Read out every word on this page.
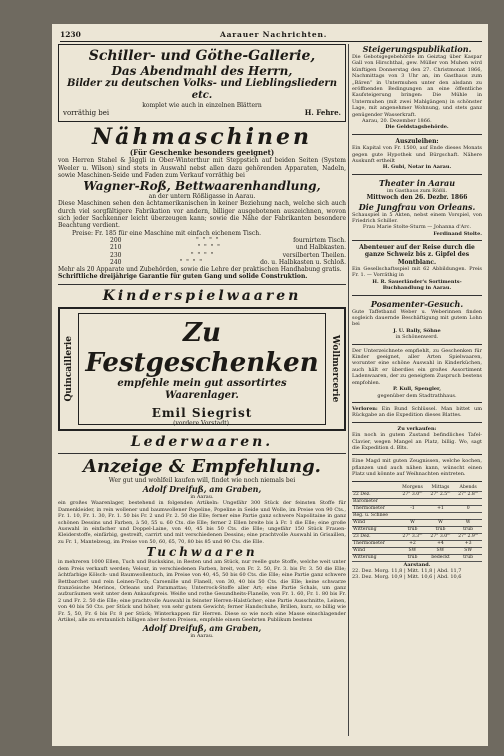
1230	Aarauer Nachrichten.
Schiller- und Göthe-Gallerie,
Das Abendmahl des Herrn,
Bilder zu deutschen Volks- und Lieblingsliedern etc.
komplet wie auch in einzelnen Blättern
vorräthig bei	H. Fehre.
Nähmaschinen
(Für Geschenke besonders geeignet)
von Herren Stahel & Jäggli in Ober-Winterthur mit Steppstich auf beiden Seiten (System Weeler u. Wilson) sind stets in Auswahl nebst allen dazu gehörenden Apparaten, Nadeln, sowie Maschinen-Seide und Faden zum Verkauf vorräthig bei
Wagner-Roß, Bettwaarenhandlung,
an der untern Rößligasse in Aarau.
Diese Maschinen sehen den ächtamerikanischen in keiner Beziehung nach, welche sich auch durch viel sorgfältigere Fabrikation vor andern, billiger ausgebotenen auszeichnen, wovon sich jeder Sachkenner leicht überzeugen kann; sowie die Nähe der Fabrikanten besondere Beachtung verdient.
Preise: Fr. 185 für eine Maschine mit einfach eichenem Tisch.
200	"  "  "  "	fournirtem Tisch.
210	"  "  "  "	und Halbkasten.
230	"  "  "  "	versilberten Theilen.
240	"  "  "  "	do. u. Halbkasten u. Schloß.
Mehr als 20 Apparate und Zubehörden, sowie die Lehre der praktischen Handhabung gratis.
Schriftliche dreijährige Garantie für guten Gang und solide Construktion.
Kinderspielwaaren
Quincaillerie
Zu Festgeschenken
empfehle mein gut assortirtes Waarenlager.
Emil Siegrist
(vordere Vorstadt).
Wollmercerie
Lederwaaren.
Anzeige & Empfehlung.
Wer gut und wohlfeil kaufen will, findet wie noch niemals bei
Adolf Dreifuß, am Graben,
in Aarau.
ein großes Waarenlager, bestehend in folgenden Artikeln: Ungefähr 300 Stück der feinsten Stoffe für Damenkleider, in rein wollener und baumwollener Popeline, Popeline in Seide und Wolle, im Preise von 90 Cts., Fr. 1. 10, Fr. 1. 30, Fr. 1. 50 bis Fr. 2 und Fr. 2. 50 die Elle; ferner eine Partie ganz schwere Napolitaine in ganz schönen Dessins und Farben, à 50, 55 u. 60 Cts. die Elle; ferner 2 Ellen breite bis à Fr. 1 die Elle; eine große Auswahl in einfacher und Doppel-Laine, von 40, 45 bis 50 Cts. die Elle; ungefähr 150 Stück Frauen-Kleiderstoffe, einfärbig, gestreift, carrirt und mit verschiedenen Dessins; eine prachtvolle Auswahl in Grisaillen, zu Fr. 1, Mantelzeug, im Preise von 50, 60, 65, 70, 80 bis 85 und 90 Cts. die Elle.
Tuchwaaren
in mehreren 1000 Ellen, Tuch und Buckskins, in Resten und am Stück, nur reelle gute Stoffe, welche weit unter dem Preis verkauft werden; Velour, in verschiedenen Farben, breit, von Fr. 2. 50, Fr. 3. bis Fr. 3. 50 die Elle; ächtfarbige Kölsch- und Baumwollentuch, im Preise von 40, 45, 50 bis 60 Cts. die Elle; eine Partie ganz schwere Bettbarchet und rein Leinen-Tuch; Carsenille und Flanell, von 30, 40 bis 50 Cts. die Elle; keine schwarze französische Merinos, Orleans und Paramattas; Unterrock-Stoffe aller Art; eine Partie Schals, um ganz aufzuräumen weit unter dem Ankaufspreis. Weiße und rothe Gesundheits-Flanelle, von Fr. 1. 60, Fr. 1. 80 bis Fr. 2 und Fr. 2. 50 die Elle; eine prachtvolle Auswahl in feinster Herren-Halstücher; eine Partie Ausschnitte, Leinen, von 40 bis 50 Cts. per Stück und höher, von sehr gutem Gewicht; ferner Handschuhe, Brillen, kurz, so billig wie Fr. 5, 50, Fr. 6 bis Fr. 8 per Stück; Winterkappen für Herren. Diese so wie noch eine Masse einschlagender Artikel, alle zu erstaunlich billigen aber festen Preisen, empfehle einem Geehrten Publikum bestens
Adolf Dreifuß, am Graben,
in Aarau.
Steigerungspublikation.
Die Gebotsgegebehörde im Geiztag über Kaspar Gall von Hirschthal, gew. Müller von Muhen wird künftigen Donnerstag den 27. Christmonat 1866, Nachmittags von 3 Uhr an, im Gasthaus zum „Bären“ in Untermuhen unter den alsdann zu eröffnenden Bedingungen an eine öffentliche Kaufsteigerung bringen: Die Mühle in Untermuhen (mit zwei Mahlgängen) in schönster Lage, mit angenehmer Wohnung, und stets ganz genügender Wasserkraft.
Aarau, 20. Dezember 1866.
Die Geldstagsbehörde.
Auszuleihen:
Ein Kapital von Fr. 1500, auf Ende dieses Monats gegen gute Hypothek und Bürgschaft. Nähere Auskunft ertheilt
H. Gubi, Notar in Aarau.
Theater in Aarau
im Gasthaus zum Rößli.
Mittwoch den 26. Dezbr. 1866
Die Jungfrau von Orleans.
Schauspiel in 5 Akten, nebst einem Vorspiel, von Friedrich Schiller.
Frau Marie Stolte-Sturm — Johanna d'Arc.
Ferdinand Stolte.
Abenteuer auf der Reise durch die ganze Schweiz bis z. Gipfel des Montblanc.
Ein Gesellschaftsspiel mit 62 Abbildungen. Preis Fr. 1. — Vorräthig in
H. R. Sauerländer's Sortiments-Buchhandlung in Aarau.
Posamenter-Gesuch.
Gute Taffetband Weber u. Weberinnen finden sogleich dauernde Beschäftigung mit gutem Lohn bei
J. U. Bally, Söhne
in Schönenwerd.
Der Unterzeichnete empfiehlt, zu Geschenken für Kinder geeignet, aller Arten Spielwaaren, worunter eine schöne Auswahl in Kinderküchen, auch hält er überdies ein großes Assortiment Ladenwaaren, der zu geneigtem Zuspruch bestens empfohlen.
P. Kull, Spengler,
gegenüber dem Stadtrathhaus.
Verloren: Ein Bund Schlüssel. Man bittet um Rückgabe an die Expedition dieses Blattes.
Zu verkaufen:
Ein noch in gutem Zustand befindliches Tafel-Clavier, wegen Mangel an Platz, billig. Wo, sagt die Expedition d. Blts.
Eine Magd mit guten Zeugnissen, welche kochen, pflanzen und auch nähen kann, wünscht einen Platz und könnte auf Weihnachten eintreten.
	Morgens	Mittags	Abends
22 Dez.	27" 3.0"'	27" 2.5"'	27" 2.8"'
Barometer			
Thermometer	-1	+1	0
Reg. u. Schnee			
Wind	W	W	W
Witterung	trüb	trüb	trüb
23 Dez.	27" 3.3"'	27" 3.0"'	27" 2.9"'
Thermometer	+2	+4	+3
Wind	SW	SW	SW
Witterung	trüb	bedeckt	trüb
Aarstand.
22. Dez. Morg. 11,8 | Mitt. 11,8 | Abd. 11,7
23. Dez. Morg. 10,9 | Mitt. 10,6 | Abd. 10,6
